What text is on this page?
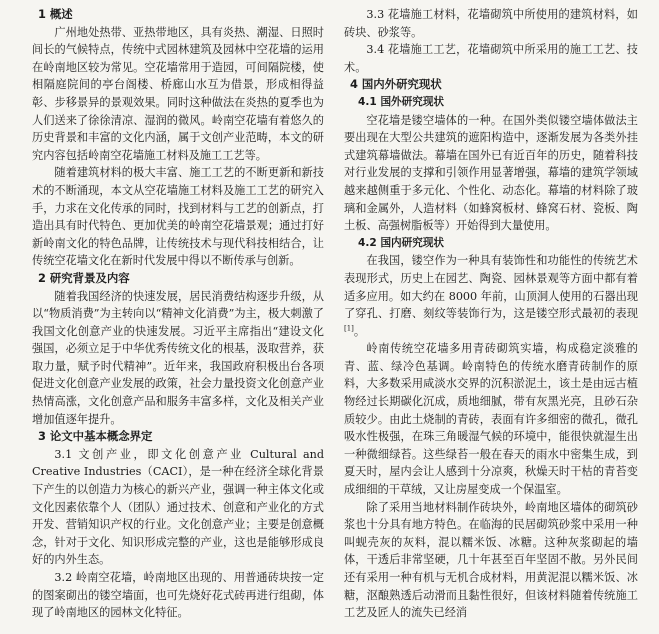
1 概述

广州地处热带、亚热带地区，具有炎热、潮湿、日照时间长的气候特点，传统中式园林建筑及园林中空花墙的运用在岭南地区较为常见。空花墙常用于造园，可间隔院楼，使相隔庭院间的亭台阁楼、桥廊山水互为借景，形成相得益彰、步移景异的景观效果。同时这种做法在炎热的夏季也为人们送来了徐徐清凉、湿润的微风。岭南空花墙有着悠久的历史背景和丰富的文化内涵，属于文创产业范畴，本文的研究内容包括岭南空花墙施工材料及施工工艺等。

随着建筑材料的极大丰富、施工工艺的不断更新和新技术的不断涌现，本文从空花墙施工材料及施工工艺的研究入手，力求在文化传承的同时，找到材料与工艺的创新点，打造出具有时代特色、更加优美的岭南空花墙景观；通过打好新岭南文化的特色品牌，让传统技术与现代科技相结合，让传统空花墙文化在新时代发展中得以不断传承与创新。

2 研究背景及内容

随着我国经济的快速发展，居民消费结构逐步升级，从以“物质消费”为主转向以“精神文化消费”为主，极大刺激了我国文化创意产业的快速发展。习近平主席指出“建设文化强国，必须立足于中华优秀传统文化的根基，汲取营养，获取力量，赋予时代精神”。近年来，我国政府积极出台各项促进文化创意产业发展的政策，社会力量投资文化创意产业热情高涨，文化创意产品和服务丰富多样，文化及相关产业增加值逐年提升。

3 论文中基本概念界定

3.1 文创产业，即文化创意产业 Cultural and Creative Industries（CACI），是一种在经济全球化背景下产生的以创造力为核心的新兴产业，强调一种主体文化或文化因素依靠个人（团队）通过技术、创意和产业化的方式开发、营销知识产权的行业。文化创意产业；主要是创意概念，针对于文化、知识形成完整的产业，这也是能够形成良好的内外生态。

3.2 岭南空花墙，岭南地区出现的、用普通砖块按一定的图案砌出的镂空墙面，也可先烧好花式砖再进行组砌，体现了岭南地区的园林文化特征。

3.3 花墙施工材料，花墙砌筑中所使用的建筑材料，如砖块、砂浆等。

3.4 花墙施工工艺，花墙砌筑中所采用的施工工艺、技术。

4 国内外研究现状
4.1 国外研究现状

空花墙是镂空墙体的一种。在国外类似镂空墙体做法主要出现在大型公共建筑的遮阳构造中，逐渐发展为各类外挂式建筑幕墙做法。幕墙在国外已有近百年的历史，随着科技对行业发展的支撑和引领作用显著增强，幕墙的建筑学领域越来越侧重于多元化、个性化、动态化。幕墙的材料除了玻璃和金属外，人造材料（如蜂窝板材、蜂窝石材、瓷板、陶土板、高强树脂板等）开始得到大量使用。

4.2 国内研究现状

在我国，镂空作为一种具有装饰性和功能性的传统艺术表现形式，历史上在园艺、陶瓷、园林景观等方面中都有着适多应用。如大约在 8000 年前，山顶洞人使用的石器出现了穿孔、打磨、刻纹等装饰行为，这是镂空形式最初的表现[1]。

岭南传统空花墙多用青砖砌筑实墙，构成稳定淡雅的青、蓝、绿冷色基调。岭南特色的传统水磨青砖制作的原料，大多数采用咸淡水交界的沉积淤泥土，该土是由远古植物经过长期碳化沉成，质地细腻，带有灰黑光亮，且砂石杂质较少。由此土烧制的青砖，表面有许多细密的微孔，微孔吸水性极强，在珠三角暖湿气候的环境中，能很快就湿生出一种微细绿苔。这些绿苔一般在春天的雨水中密集生成，到夏天时，屋内会让人感到十分凉爽，秋燥天时干枯的青苔变成细细的干草绒，又让房屋变成一个保温室。

除了采用当地材料制作砖块外，岭南地区墙体的砌筑砂浆也十分具有地方特色。在临海的民居砌筑砂浆中采用一种叫蚬壳灰的灰料，混以糯米饭、冰糖。这种灰浆砌起的墙体，干透后非常坚硬，几十年甚至百年坚固不散。另外民间还有采用一种有机与无机合成材料，用黄泥混以糯米饭、冰糖，沤酿熟透后动滑而且黏性很好，但该材料随着传统施工工艺及匠人的流失已经消
